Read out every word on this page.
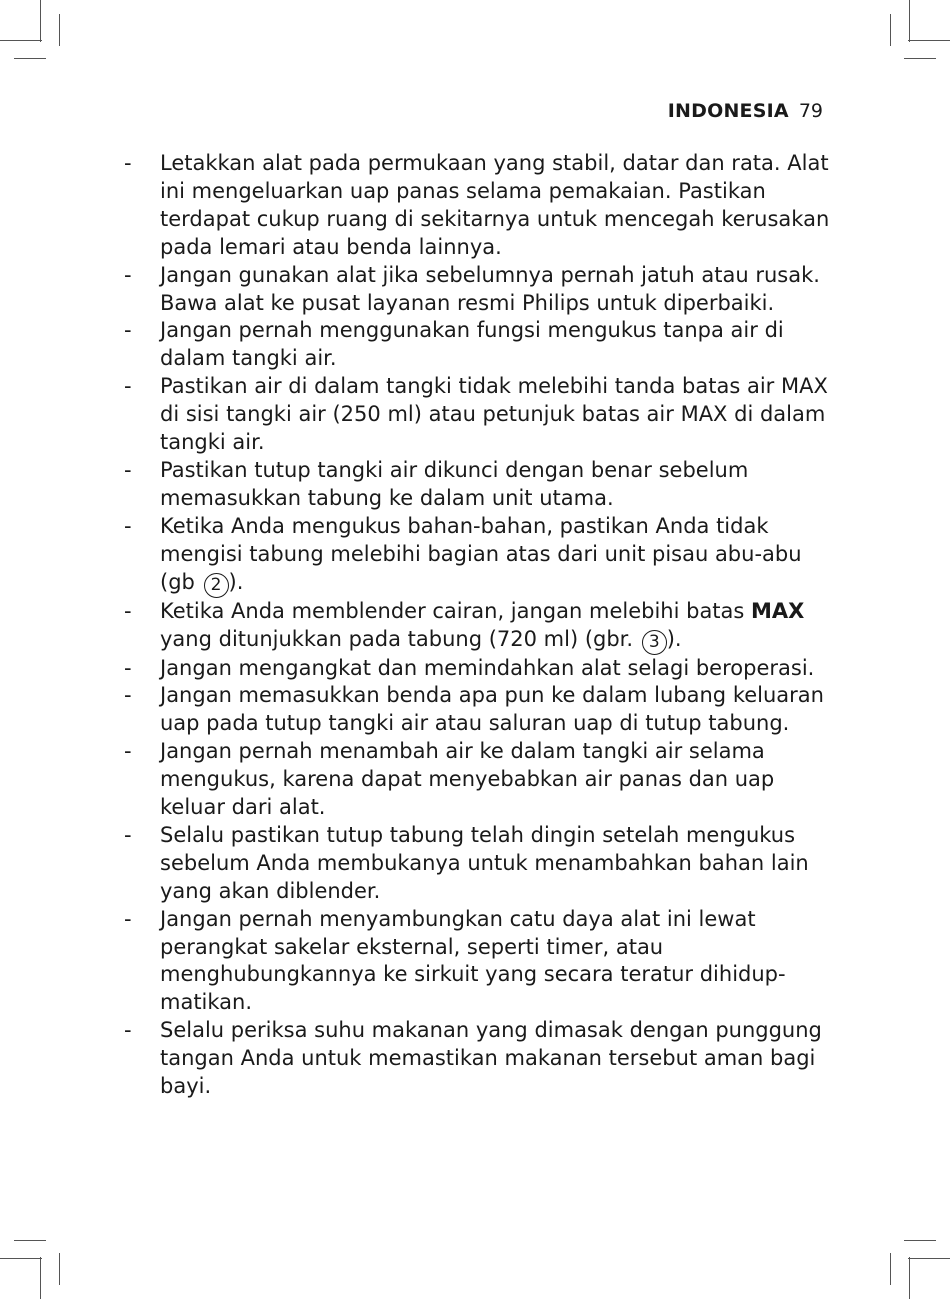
INDONESIA 79
-	Letakkan alat pada permukaan yang stabil, datar dan rata. Alat ini mengeluarkan uap panas selama pemakaian. Pastikan terdapat cukup ruang di sekitarnya untuk mencegah kerusakan pada lemari atau benda lainnya.
-	Jangan gunakan alat jika sebelumnya pernah jatuh atau rusak. Bawa alat ke pusat layanan resmi Philips untuk diperbaiki.
-	Jangan pernah menggunakan fungsi mengukus tanpa air di dalam tangki air.
-	Pastikan air di dalam tangki tidak melebihi tanda batas air MAX di sisi tangki air (250 ml) atau petunjuk batas air MAX di dalam tangki air.
-	Pastikan tutup tangki air dikunci dengan benar sebelum memasukkan tabung ke dalam unit utama.
-	Ketika Anda mengukus bahan-bahan, pastikan Anda tidak mengisi tabung melebihi bagian atas dari unit pisau abu-abu (gb 2 ).
-	Ketika Anda memblender cairan, jangan melebihi batas MAX yang ditunjukkan pada tabung (720 ml) (gbr. 3 ).
-	Jangan mengangkat dan memindahkan alat selagi beroperasi.
-	Jangan memasukkan benda apa pun ke dalam lubang keluaran uap pada tutup tangki air atau saluran uap di tutup tabung.
-	Jangan pernah menambah air ke dalam tangki air selama mengukus, karena dapat menyebabkan air panas dan uap keluar dari alat.
-	Selalu pastikan tutup tabung telah dingin setelah mengukus sebelum Anda membukanya untuk menambahkan bahan lain yang akan diblender.
-	Jangan pernah menyambungkan catu daya alat ini lewat perangkat sakelar eksternal, seperti timer, atau menghubungkannya ke sirkuit yang secara teratur dihidup-matikan.
-	Selalu periksa suhu makanan yang dimasak dengan punggung tangan Anda untuk memastikan makanan tersebut aman bagi bayi.
